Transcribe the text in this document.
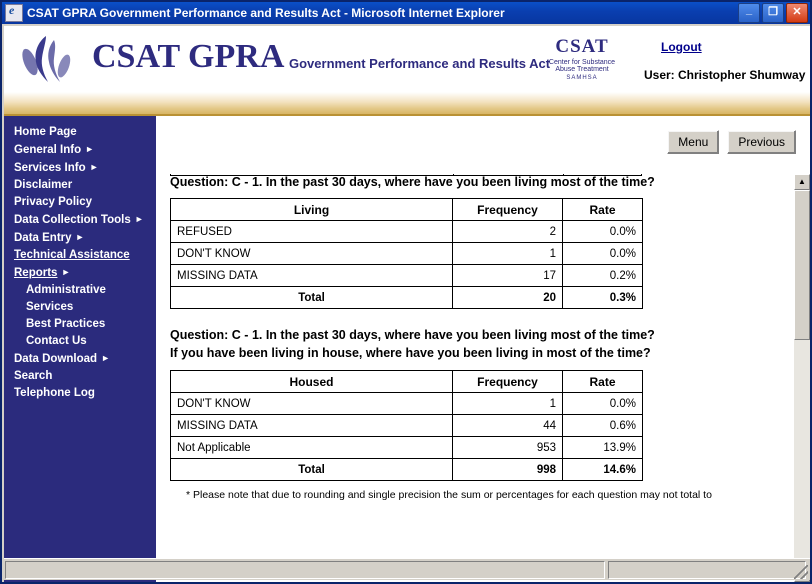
e
CSAT GPRA Government Performance and Results Act - Microsoft Internet Explorer	_	❐	✕
CSAT GPRA Government Performance and Results Act
CSAT
Center for Substance
Abuse Treatment
SAMHSA
Logout
User: Christopher Shumway
Home Page
General Info ►
Services Info ►
Disclaimer
Privacy Policy
Data Collection Tools ►
Data Entry ►
Technical Assistance
Reports ►
Administrative
Services
Best Practices
Contact Us
Data Download ►
Search
Telephone Log
Menu	Previous
Question: C - 1. In the past 30 days, where have you been living most of the time?
Living	Frequency	Rate
REFUSED	2	0.0%
DON'T KNOW	1	0.0%
MISSING DATA	17	0.2%
Total	20	0.3%
Question: C - 1. In the past 30 days, where have you been living most of the time?
If you have been living in house, where have you been living in most of the time?
Housed	Frequency	Rate
DON'T KNOW	1	0.0%
MISSING DATA	44	0.6%
Not Applicable	953	13.9%
Total	998	14.6%
* Please note that due to rounding and single precision the sum or percentages for each question may not total to
▲
